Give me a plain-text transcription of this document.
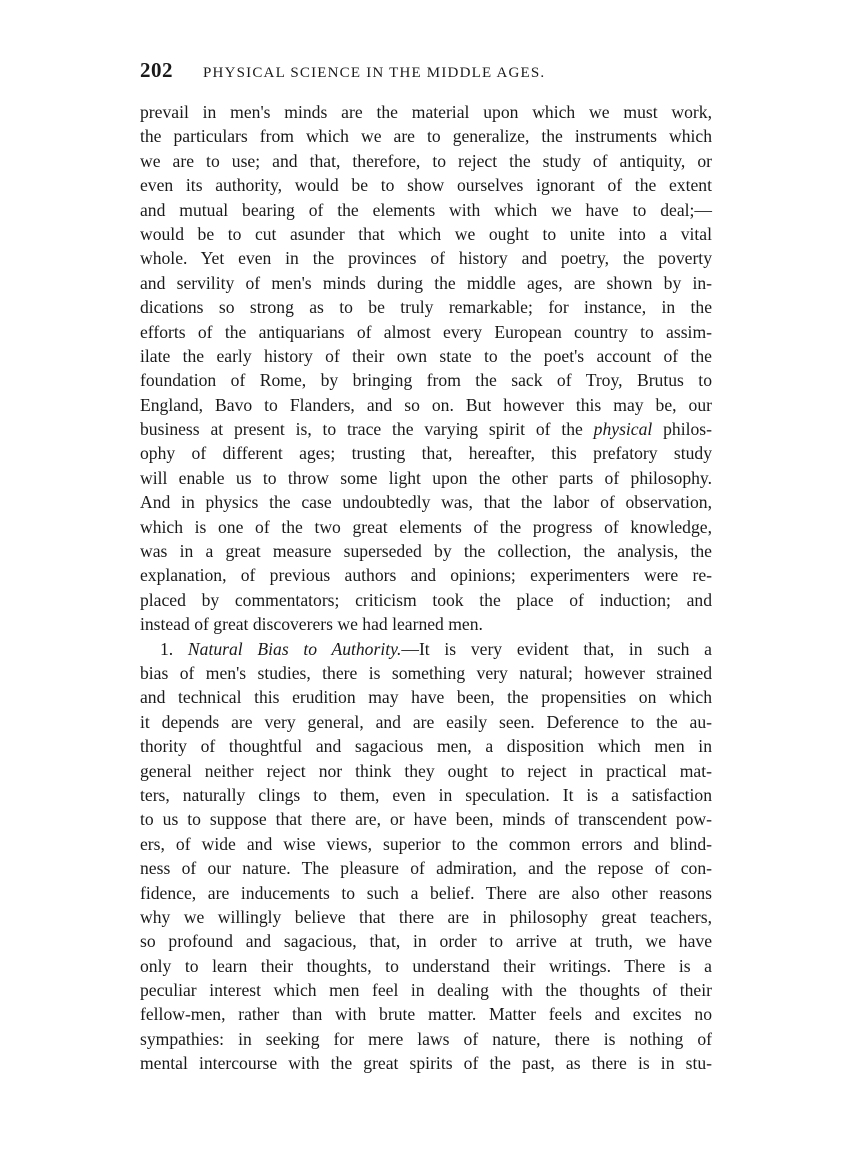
202 PHYSICAL SCIENCE IN THE MIDDLE AGES.
prevail in men's minds are the material upon which we must work,
the particulars from which we are to generalize, the instruments which
we are to use; and that, therefore, to reject the study of antiquity, or
even its authority, would be to show ourselves ignorant of the extent
and mutual bearing of the elements with which we have to deal;—
would be to cut asunder that which we ought to unite into a vital
whole. Yet even in the provinces of history and poetry, the poverty
and servility of men's minds during the middle ages, are shown by in-
dications so strong as to be truly remarkable; for instance, in the
efforts of the antiquarians of almost every European country to assim-
ilate the early history of their own state to the poet's account of the
foundation of Rome, by bringing from the sack of Troy, Brutus to
England, Bavo to Flanders, and so on. But however this may be, our
business at present is, to trace the varying spirit of the physical philos-
ophy of different ages; trusting that, hereafter, this prefatory study
will enable us to throw some light upon the other parts of philosophy.
And in physics the case undoubtedly was, that the labor of observation,
which is one of the two great elements of the progress of knowledge,
was in a great measure superseded by the collection, the analysis, the
explanation, of previous authors and opinions; experimenters were re-
placed by commentators; criticism took the place of induction; and
instead of great discoverers we had learned men.
1. Natural Bias to Authority.—It is very evident that, in such a
bias of men's studies, there is something very natural; however strained
and technical this erudition may have been, the propensities on which
it depends are very general, and are easily seen. Deference to the au-
thority of thoughtful and sagacious men, a disposition which men in
general neither reject nor think they ought to reject in practical mat-
ters, naturally clings to them, even in speculation. It is a satisfaction
to us to suppose that there are, or have been, minds of transcendent pow-
ers, of wide and wise views, superior to the common errors and blind-
ness of our nature. The pleasure of admiration, and the repose of con-
fidence, are inducements to such a belief. There are also other reasons
why we willingly believe that there are in philosophy great teachers,
so profound and sagacious, that, in order to arrive at truth, we have
only to learn their thoughts, to understand their writings. There is a
peculiar interest which men feel in dealing with the thoughts of their
fellow-men, rather than with brute matter. Matter feels and excites no
sympathies: in seeking for mere laws of nature, there is nothing of
mental intercourse with the great spirits of the past, as there is in stu-
